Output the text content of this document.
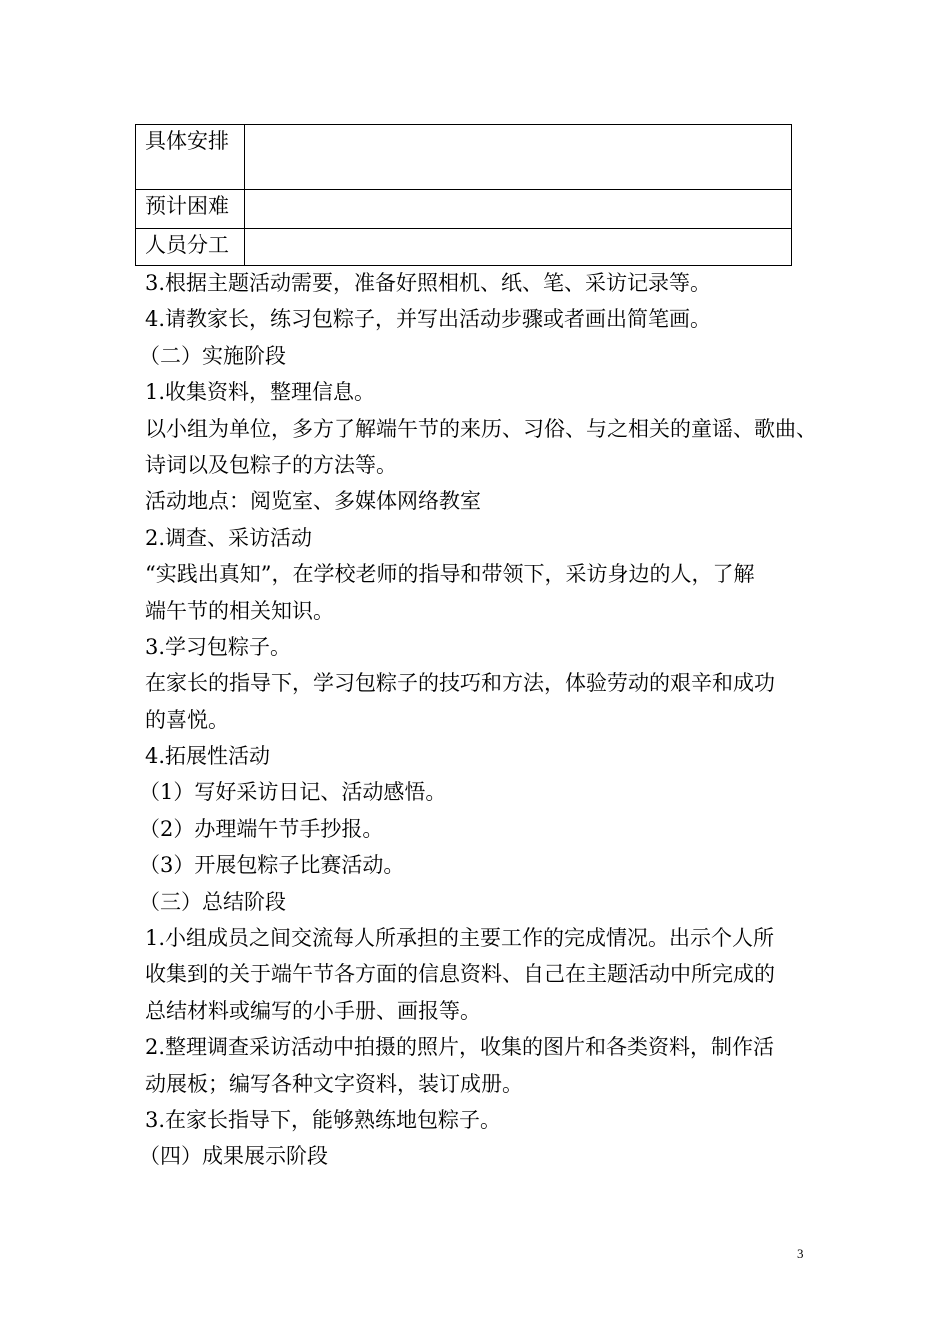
具体安排	
预计困难	
人员分工	
3.根据主题活动需要，准备好照相机、纸、笔、采访记录等。
4.请教家长，练习包粽子，并写出活动步骤或者画出简笔画。
（二）实施阶段
1.收集资料，整理信息。
以小组为单位，多方了解端午节的来历、习俗、与之相关的童谣、歌曲、
诗词以及包粽子的方法等。
活动地点：阅览室、多媒体网络教室
2.调查、采访活动
“实践出真知”，在学校老师的指导和带领下，采访身边的人，了解
端午节的相关知识。
3.学习包粽子。
在家长的指导下，学习包粽子的技巧和方法，体验劳动的艰辛和成功
的喜悦。
4.拓展性活动
（1）写好采访日记、活动感悟。
（2）办理端午节手抄报。
（3）开展包粽子比赛活动。
（三）总结阶段
1.小组成员之间交流每人所承担的主要工作的完成情况。出示个人所
收集到的关于端午节各方面的信息资料、自己在主题活动中所完成的
总结材料或编写的小手册、画报等。
2.整理调查采访活动中拍摄的照片，收集的图片和各类资料，制作活
动展板；编写各种文字资料，装订成册。
3.在家长指导下，能够熟练地包粽子。
（四）成果展示阶段
3
